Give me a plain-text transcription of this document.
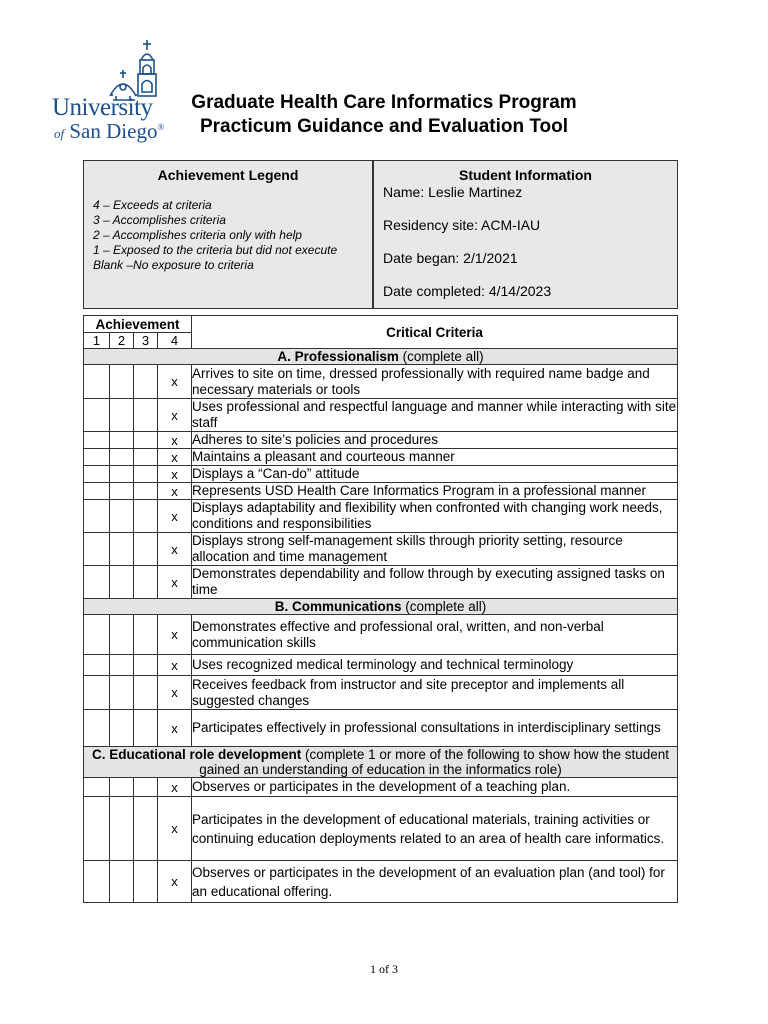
University
of San Diego®
Graduate Health Care Informatics Program
Practicum Guidance and Evaluation Tool
Achievement Legend
4 – Exceeds at criteria
3 – Accomplishes criteria
2 – Accomplishes criteria only with help
1 – Exposed to the criteria but did not execute
Blank –No exposure to criteria
Student Information
Name: Leslie Martinez
Residency site: ACM-IAU
Date began: 2/1/2021
Date completed: 4/14/2023
Achievement				Critical Criteria
1	2	3	4	
A. Professionalism (complete all)				
			x	Arrives to site on time, dressed professionally with required name badge and necessary materials or tools
			x	Uses professional and respectful language and manner while interacting with site staff
			x	Adheres to site’s policies and procedures
			x	Maintains a pleasant and courteous manner
			x	Displays a “Can-do” attitude
			x	Represents USD Health Care Informatics Program in a professional manner
			x	Displays adaptability and flexibility when confronted with changing work needs, conditions and responsibilities
			x	Displays strong self-management skills through priority setting, resource allocation and time management
			x	Demonstrates dependability and follow through by executing assigned tasks on time
B. Communications (complete all)				
			x	Demonstrates effective and professional oral, written, and non-verbal communication skills
			x	Uses recognized medical terminology and technical terminology
			x	Receives feedback from instructor and site preceptor and implements all suggested changes
			x	Participates effectively in professional consultations in interdisciplinary settings
C. Educational role development (complete 1 or more of the following to show how the student gained an understanding of education in the informatics role)				
			x	Observes or participates in the development of a teaching plan.
			x	Participates in the development of educational materials, training activities or continuing education deployments related to an area of health care informatics.
			x	Observes or participates in the development of an evaluation plan (and tool) for an educational offering.
1 of 3
